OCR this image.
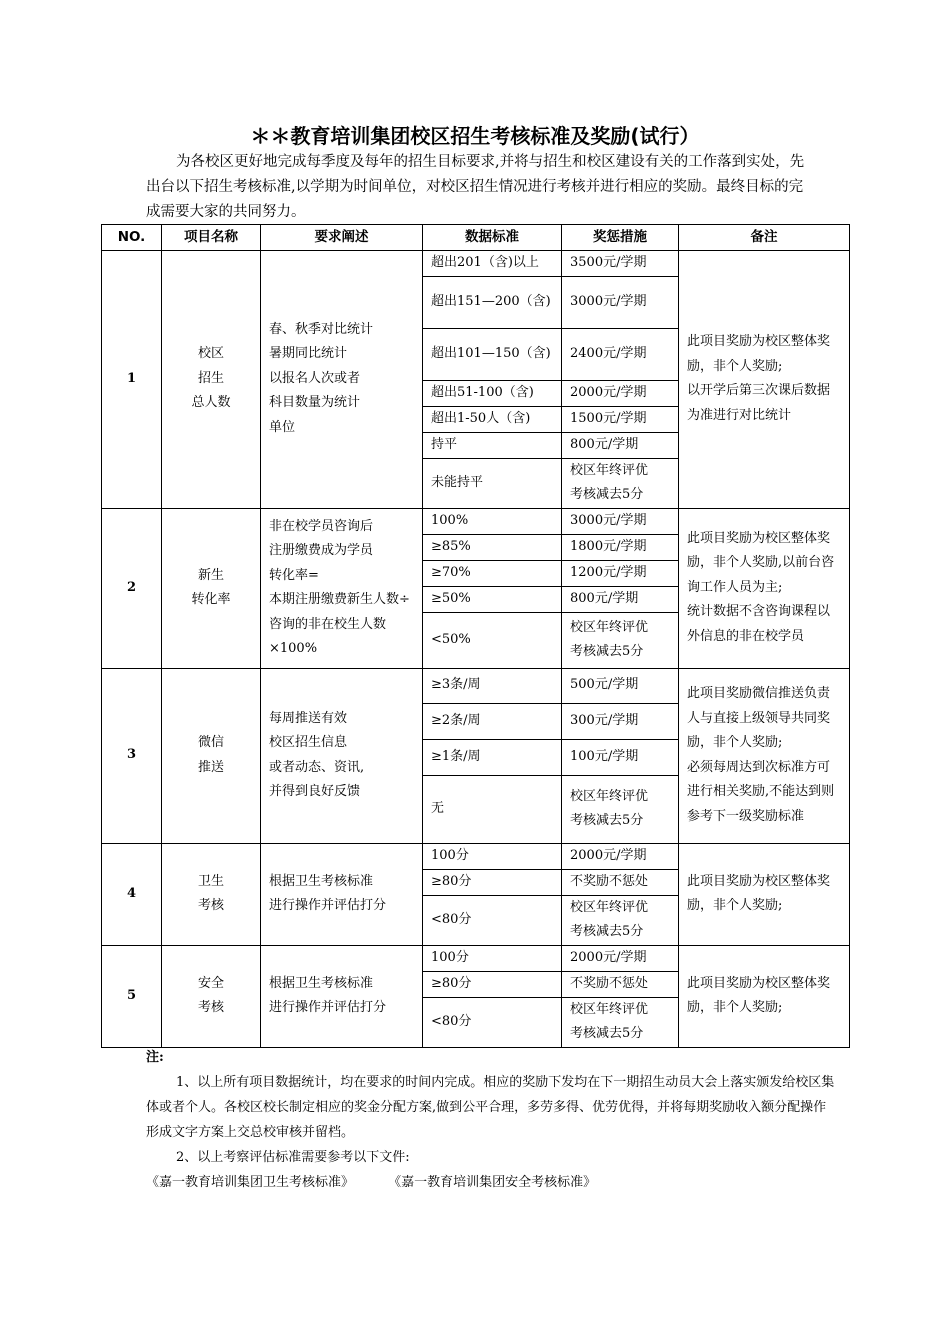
＊＊教育培训集团校区招生考核标准及奖励(试行）

为各校区更好地完成每季度及每年的招生目标要求,并将与招生和校区建设有关的工作落到实处，先出台以下招生考核标准,以学期为时间单位，对校区招生情况进行考核并进行相应的奖励。最终目标的完成需要大家的共同努力。

NO.	项目名称	要求阐述	数据标准	奖惩措施	备注
1	校区
招生
总人数	春、秋季对比统计
暑期同比统计
以报名人次或者
科目数量为统计
单位	超出201（含)以上	3500元/学期	此项目奖励为校区整体奖励，非个人奖励;
以开学后第三次课后数据为准进行对比统计
			超出151—200（含)	3000元/学期	
			超出101—150（含)	2400元/学期	
			超出51-100（含)	2000元/学期	
			超出1-50人（含)	1500元/学期	
			持平	800元/学期	
			未能持平	校区年终评优
考核减去5分	
2	新生
转化率	非在校学员咨询后
注册缴费成为学员
转化率=
本期注册缴费新生人数÷咨询的非在校生人数×100%	100%	3000元/学期	此项目奖励为校区整体奖励，非个人奖励,以前台咨询工作人员为主;
统计数据不含咨询课程以外信息的非在校学员
			≥85%	1800元/学期	
			≥70%	1200元/学期	
			≥50%	800元/学期	
			<50%	校区年终评优
考核减去5分	
3	微信
推送	每周推送有效
校区招生信息
或者动态、资讯,
并得到良好反馈	≥3条/周	500元/学期	此项目奖励微信推送负责人与直接上级领导共同奖励，非个人奖励;
必须每周达到次标准方可进行相关奖励,不能达到则参考下一级奖励标准
			≥2条/周	300元/学期	
			≥1条/周	100元/学期	
			无	校区年终评优
考核减去5分	
4	卫生
考核	根据卫生考核标准
进行操作并评估打分	100分	2000元/学期	此项目奖励为校区整体奖励，非个人奖励;
			≥80分	不奖励不惩处	
			<80分	校区年终评优
考核减去5分	
5	安全
考核	根据卫生考核标准
进行操作并评估打分	100分	2000元/学期	此项目奖励为校区整体奖励，非个人奖励;
			≥80分	不奖励不惩处	
			<80分	校区年终评优
考核减去5分	

注:

1、以上所有项目数据统计，均在要求的时间内完成。相应的奖励下发均在下一期招生动员大会上落实颁发给校区集体或者个人。各校区校长制定相应的奖金分配方案,做到公平合理，多劳多得、优劳优得，并将每期奖励收入额分配操作形成文字方案上交总校审核并留档。

2、以上考察评估标准需要参考以下文件:

《嘉一教育培训集团卫生考核标准》	《嘉一教育培训集团安全考核标准》
